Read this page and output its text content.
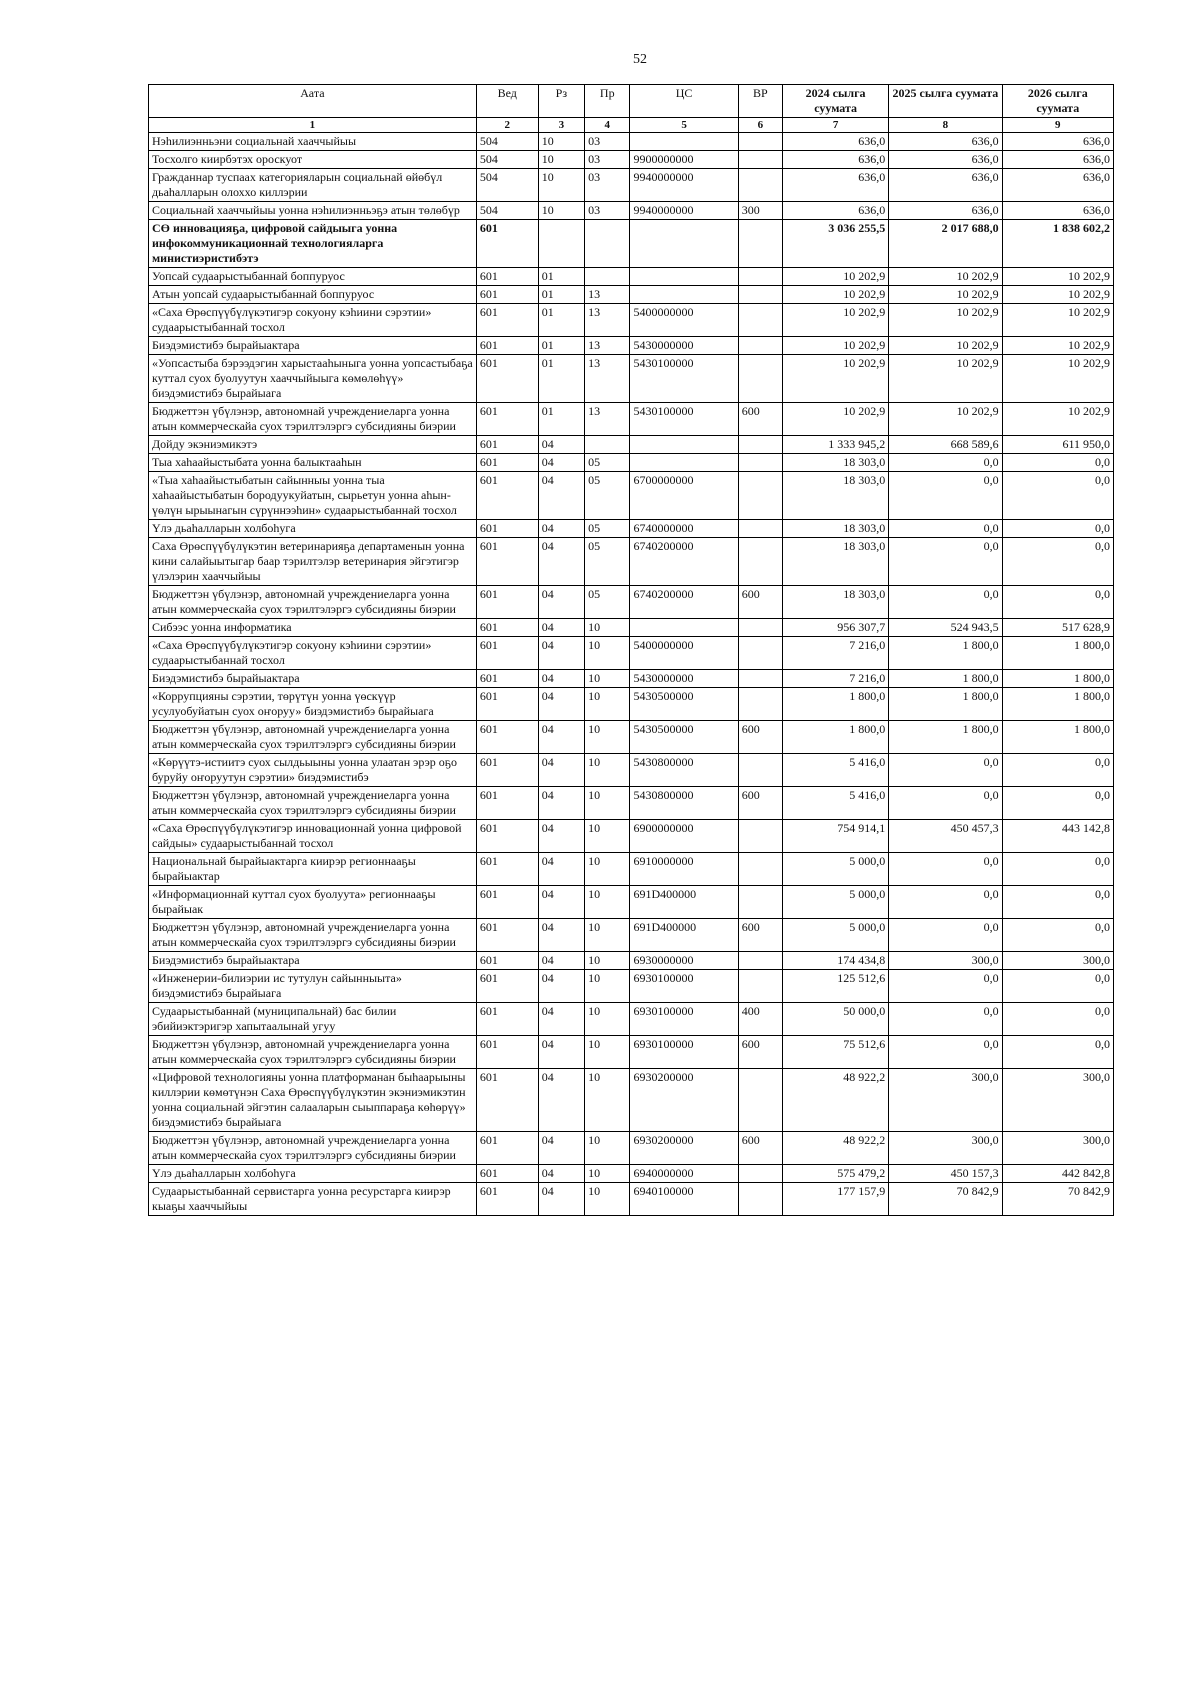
52
Аата	Вед	Рз	Пр	ЦС	ВР	2024 сылга суумата	2025 сылга суумата	2026 сылга суумата
1	2	3	4	5	6	7	8	9
Нэһилиэнньэни социальнай хааччыйыы	504	10	03			636,0	636,0	636,0
Тосхолго киирбэтэх ороскуот	504	10	03	9900000000		636,0	636,0	636,0
Гражданнар туспаах категорияларын социальнай өйөбүл дьаһалларын олоххо киллэрии	504	10	03	9940000000		636,0	636,0	636,0
Социальнай хааччыйыы уонна нэһилиэнньэҕэ атын төлөбүр	504	10	03	9940000000	300	636,0	636,0	636,0
СӨ инновацияҕа, цифровой сайдыыга уонна инфокоммуникационнай технологияларга министиэристибэтэ	601					3 036 255,5	2 017 688,0	1 838 602,2
Уопсай судаарыстыбаннай боппуруос	601	01				10 202,9	10 202,9	10 202,9
Атын уопсай судаарыстыбаннай боппуруос	601	01	13			10 202,9	10 202,9	10 202,9
«Саха Өрөспүүбүлүкэтигэр сокуону кэһиини сэрэтии» судаарыстыбаннай тосхол	601	01	13	5400000000		10 202,9	10 202,9	10 202,9
Биэдэмистибэ бырайыактара	601	01	13	5430000000		10 202,9	10 202,9	10 202,9
«Уопсастыба бэрээдэгин харыстааһыныга уонна уопсастыбаҕа куттал суох буолуутун хааччыйыыга көмөлөһүү» биэдэмистибэ бырайыага	601	01	13	5430100000		10 202,9	10 202,9	10 202,9
Бюджеттэн үбүлэнэр, автономнай учреждениеларга уонна атын коммерческайа суох тэрилтэлэргэ субсидияны биэрии	601	01	13	5430100000	600	10 202,9	10 202,9	10 202,9
Дойду экэниэмикэтэ	601	04				1 333 945,2	668 589,6	611 950,0
Тыа хаһаайыстыбата уонна балыктааһын	601	04	05			18 303,0	0,0	0,0
«Тыа хаһаайыстыбатын сайынныы уонна тыа хаһаайыстыбатын бородуукуйатын, сырьетун уонна аһын-үөлүн ырыынагын сүрүннээһин» судаарыстыбаннай тосхол	601	04	05	6700000000		18 303,0	0,0	0,0
Үлэ дьаһалларын холбоһуга	601	04	05	6740000000		18 303,0	0,0	0,0
Саха Өрөспүүбүлүкэтин ветеринарияҕа департаменын уонна кини салайыытыгар баар тэрилтэлэр ветеринария эйгэтигэр үлэлэрин хааччыйыы	601	04	05	6740200000		18 303,0	0,0	0,0
Бюджеттэн үбүлэнэр, автономнай учреждениеларга уонна атын коммерческайа суох тэрилтэлэргэ субсидияны биэрии	601	04	05	6740200000	600	18 303,0	0,0	0,0
Сибээс уонна информатика	601	04	10			956 307,7	524 943,5	517 628,9
«Саха Өрөспүүбүлүкэтигэр сокуону кэһиини сэрэтии» судаарыстыбаннай тосхол	601	04	10	5400000000		7 216,0	1 800,0	1 800,0
Биэдэмистибэ бырайыактара	601	04	10	5430000000		7 216,0	1 800,0	1 800,0
«Коррупцияны сэрэтии, төрүтүн уонна үөскүүр усулуобуйатын суох оҥоруу» биэдэмистибэ бырайыага	601	04	10	5430500000		1 800,0	1 800,0	1 800,0
Бюджеттэн үбүлэнэр, автономнай учреждениеларга уонна атын коммерческайа суох тэрилтэлэргэ субсидияны биэрии	601	04	10	5430500000	600	1 800,0	1 800,0	1 800,0
«Көрүүтэ-истиитэ суох сылдьыыны уонна улаатан эрэр оҕо буруйу оҥоруутун сэрэтии» биэдэмистибэ	601	04	10	5430800000		5 416,0	0,0	0,0
Бюджеттэн үбүлэнэр, автономнай учреждениеларга уонна атын коммерческайа суох тэрилтэлэргэ субсидияны биэрии	601	04	10	5430800000	600	5 416,0	0,0	0,0
«Саха Өрөспүүбүлүкэтигэр инновационнай уонна цифровой сайдыы» судаарыстыбаннай тосхол	601	04	10	6900000000		754 914,1	450 457,3	443 142,8
Национальнай бырайыактарга киирэр регионнааҕы бырайыактар	601	04	10	6910000000		5 000,0	0,0	0,0
«Информационнай куттал суох буолуута» регионнааҕы бырайыак	601	04	10	691D400000		5 000,0	0,0	0,0
Бюджеттэн үбүлэнэр, автономнай учреждениеларга уонна атын коммерческайа суох тэрилтэлэргэ субсидияны биэрии	601	04	10	691D400000	600	5 000,0	0,0	0,0
Биэдэмистибэ бырайыактара	601	04	10	6930000000		174 434,8	300,0	300,0
«Инженерии-билиэрии ис тутулун сайынныыта» биэдэмистибэ бырайыага	601	04	10	6930100000		125 512,6	0,0	0,0
Судаарыстыбаннай (муниципальнай) бас билии эбийиэктэригэр хапытаалынай угуу	601	04	10	6930100000	400	50 000,0	0,0	0,0
Бюджеттэн үбүлэнэр, автономнай учреждениеларга уонна атын коммерческайа суох тэрилтэлэргэ субсидияны биэрии	601	04	10	6930100000	600	75 512,6	0,0	0,0
«Цифровой технологияны уонна платформанан быһаарыыны киллэрии көмөтүнэн Саха Өрөспүүбүлүкэтин экэниэмикэтин уонна социальнай эйгэтин салааларын сыыппараҕа көһөрүү» биэдэмистибэ бырайыага	601	04	10	6930200000		48 922,2	300,0	300,0
Бюджеттэн үбүлэнэр, автономнай учреждениеларга уонна атын коммерческайа суох тэрилтэлэргэ субсидияны биэрии	601	04	10	6930200000	600	48 922,2	300,0	300,0
Үлэ дьаһалларын холбоһуга	601	04	10	6940000000		575 479,2	450 157,3	442 842,8
Судаарыстыбаннай сервистарга уонна ресурстарга киирэр кыаҕы хааччыйыы	601	04	10	6940100000		177 157,9	70 842,9	70 842,9
